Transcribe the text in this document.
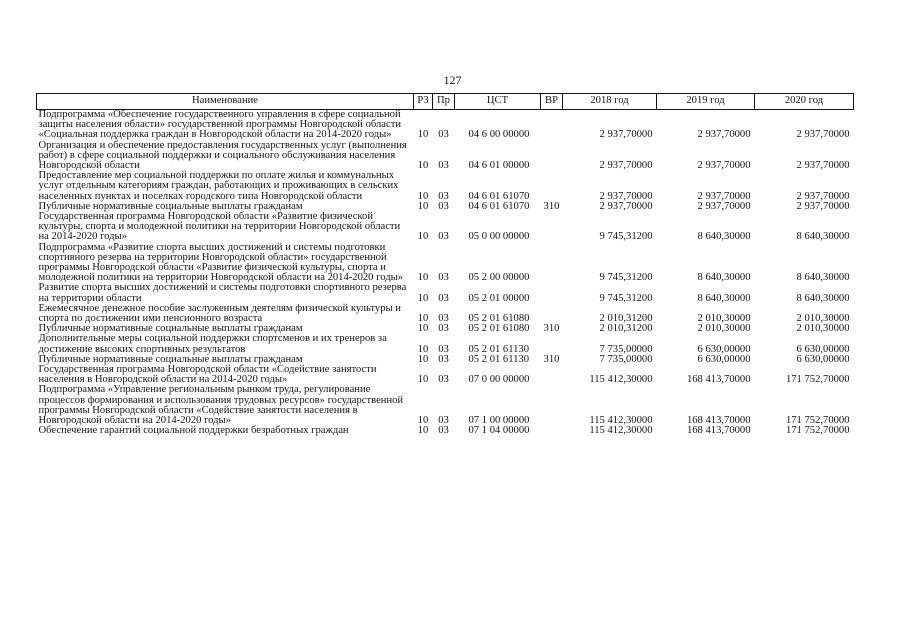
127
Наименование	РЗ	Пр	ЦСТ	ВР	2018 год	2019 год	2020 год
Подпрограмма «Обеспечение государственного управления в сфере социальной защиты населения области» государственной программы Новгородской области «Социальная поддержка граждан в Новгородской области на 2014-2020 годы»	10	03	04 6 00 00000		2 937,70000	2 937,70000	2 937,70000
Организация и обеспечение предоставления государственных услуг (выполнения работ) в сфере социальной поддержки и социального обслуживания населения Новгородской области	10	03	04 6 01 00000		2 937,70000	2 937,70000	2 937,70000
Предоставление мер социальной поддержки по оплате жилья и коммунальных услуг отдельным категориям граждан, работающих и проживающих в сельских населенных пунктах и поселках городского типа Новгородской области	10	03	04 6 01 61070		2 937,70000	2 937,70000	2 937,70000
Публичные нормативные социальные выплаты гражданам	10	03	04 6 01 61070	310	2 937,70000	2 937,70000	2 937,70000
Государственная программа Новгородской области «Развитие физической культуры, спорта и молодежной политики на территории Новгородской области на 2014-2020 годы»	10	03	05 0 00 00000		9 745,31200	8 640,30000	8 640,30000
Подпрограмма «Развитие спорта высших достижений и системы подготовки спортивного резерва на территории Новгородской области» государственной программы Новгородской области «Развитие физической культуры, спорта и молодежной политики на территории Новгородской области на 2014-2020 годы»	10	03	05 2 00 00000		9 745,31200	8 640,30000	8 640,30000
Развитие спорта высших достижений и системы подготовки спортивного резерва на территории области	10	03	05 2 01 00000		9 745,31200	8 640,30000	8 640,30000
Ежемесячное денежное пособие заслуженным деятелям физической культуры и спорта по достижении ими пенсионного возраста	10	03	05 2 01 61080		2 010,31200	2 010,30000	2 010,30000
Публичные нормативные социальные выплаты гражданам	10	03	05 2 01 61080	310	2 010,31200	2 010,30000	2 010,30000
Дополнительные меры социальной поддержки спортсменов и их тренеров за достижение высоких спортивных результатов	10	03	05 2 01 61130		7 735,00000	6 630,00000	6 630,00000
Публичные нормативные социальные выплаты гражданам	10	03	05 2 01 61130	310	7 735,00000	6 630,00000	6 630,00000
Государственная программа Новгородской области «Содействие занятости населения в Новгородской области на 2014-2020 годы»	10	03	07 0 00 00000		115 412,30000	168 413,70000	171 752,70000
Подпрограмма «Управление региональным рынком труда, регулирование процессов формирования и использования трудовых ресурсов» государственной программы Новгородской области «Содействие занятости населения в Новгородской области на 2014-2020 годы»	10	03	07 1 00 00000		115 412,30000	168 413,70000	171 752,70000
Обеспечение гарантий социальной поддержки безработных граждан	10	03	07 1 04 00000		115 412,30000	168 413,70000	171 752,70000
